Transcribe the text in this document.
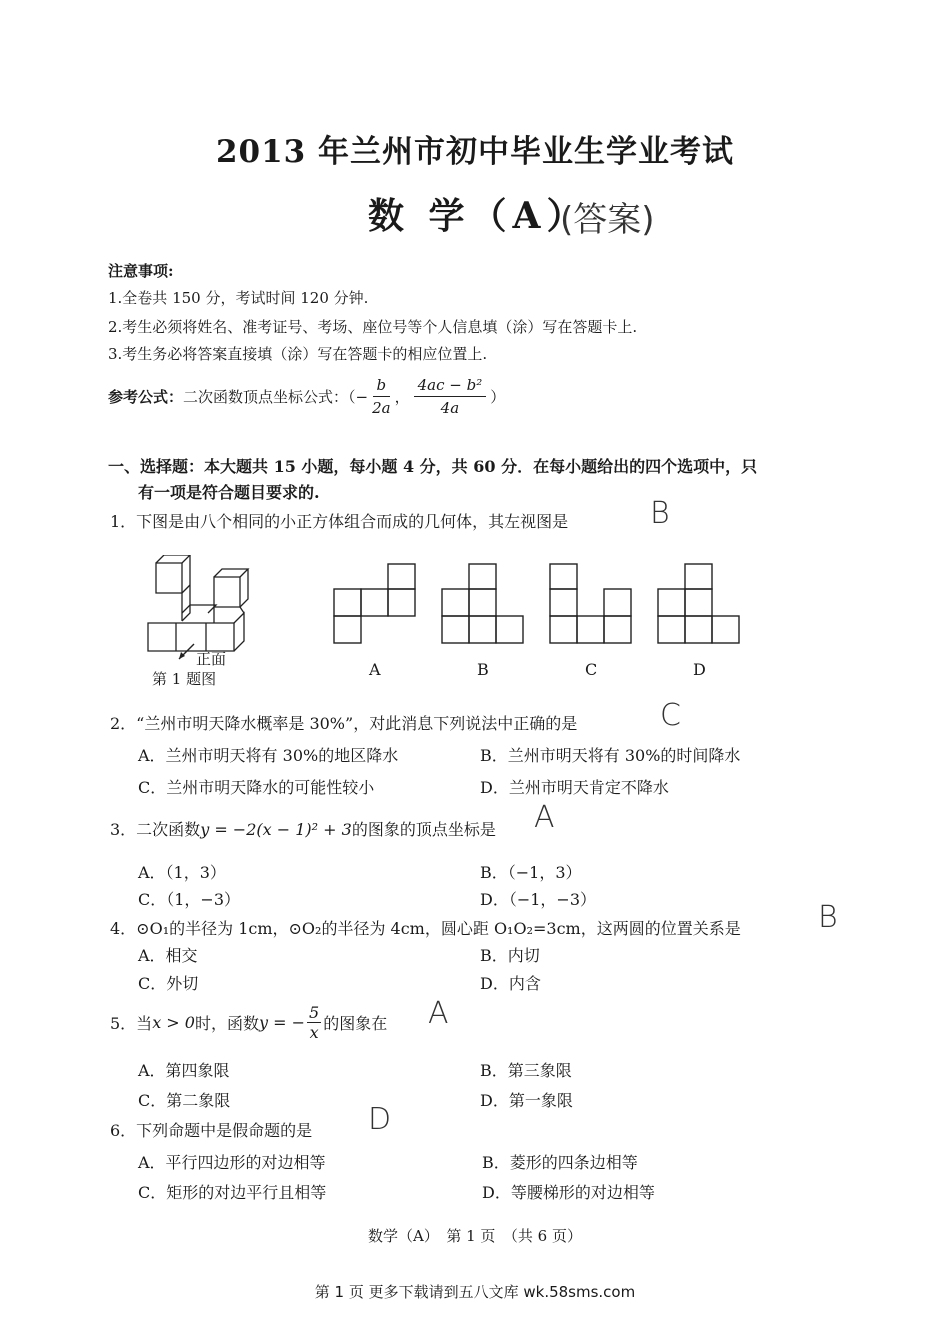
2013 年兰州市初中毕业生学业考试
数 学（A）
(答案)
注意事项:
1.全卷共 150 分，考试时间 120 分钟.
2.考生必须将姓名、准考证号、考场、座位号等个人信息填（涂）写在答题卡上.
3.考生务必将答案直接填（涂）写在答题卡的相应位置上.
参考公式： 二次函数顶点坐标公式：（ − $\frac{b}{2a}$ ， $\frac{\text{4ac − b²}}{4a}$ ）
一、选择题：本大题共 15 小题，每小题 4 分，共 60 分．在每小题给出的四个选项中，只
有一项是符合题目要求的.
1．下图是由八个相同的小正方体组合而成的几何体，其左视图是	B
正面
第 1 题图	A	B	C	D
2．“兰州市明天降水概率是 30%”，对此消息下列说法中正确的是	C
A．兰州市明天将有 30%的地区降水	B．兰州市明天将有 30%的时间降水
C．兰州市明天降水的可能性较小	D．兰州市明天肯定不降水
3．二次函数y = −2(x − 1)² + 3的图象的顶点坐标是 A
A．（1，3）	B．（−1，3）
C．（1，−3）	D．（−1，−3）
4．⊙O₁的半径为 1cm，⊙O₂的半径为 4cm，圆心距 O₁O₂=3cm，这两圆的位置关系是	B
A．相交	B．内切
C．外切	D．内含
5．当 x > 0 时，函数 y = − $\frac{5}{x}$ 的图象在 A
A．第四象限	B．第三象限
C．第二象限	D．第一象限
6．下列命题中是假命题的是 D
A．平行四边形的对边相等	B．菱形的四条边相等
C．矩形的对边平行且相等	D．等腰梯形的对边相等
数学（A）　第 1 页　（共 6 页）
第 1 页 更多下载请到五八文库 wk.58sms.com
